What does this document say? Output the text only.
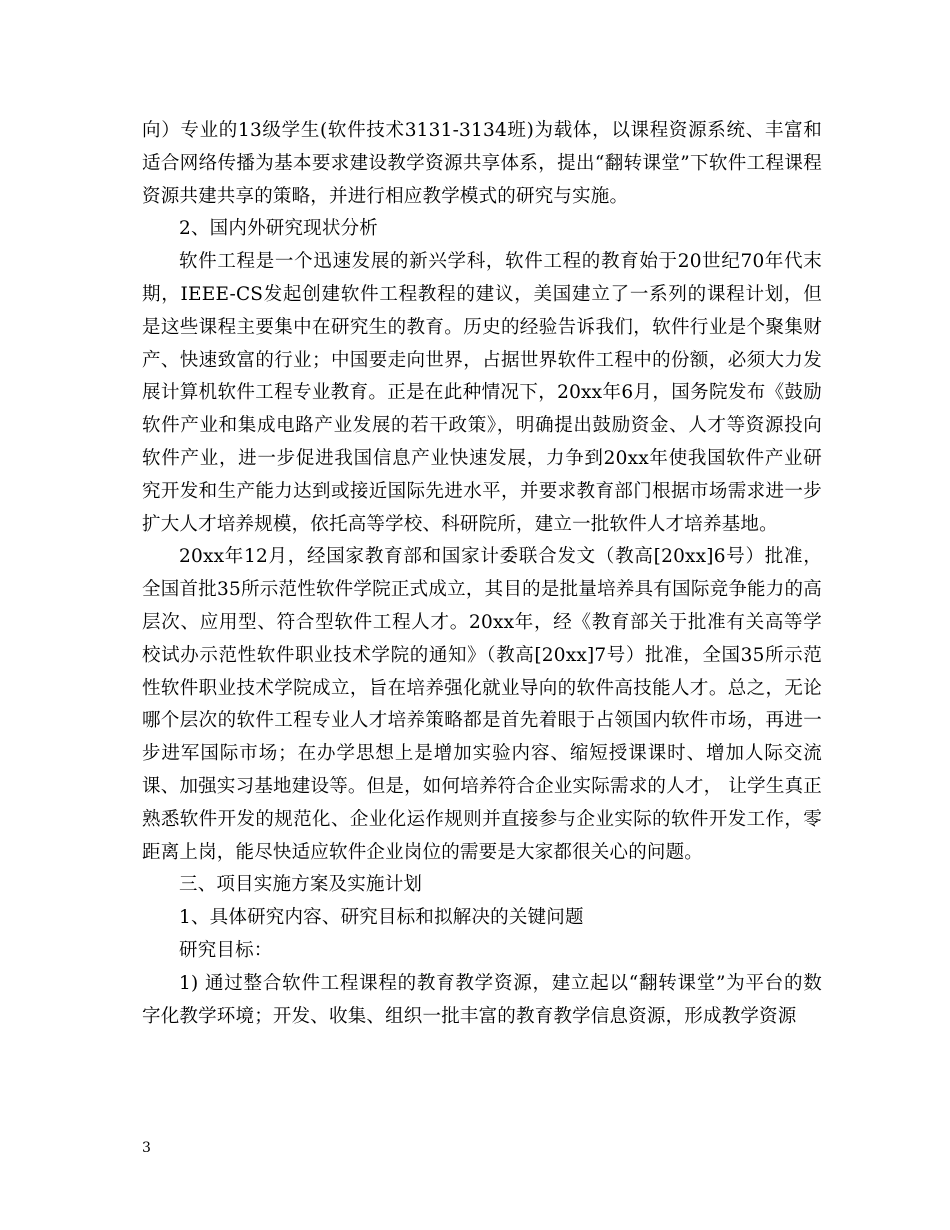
向）专业的13级学生(软件技术3131-3134班)为载体，以课程资源系统、丰富和适合网络传播为基本要求建设教学资源共享体系，提出“翻转课堂”下软件工程课程资源共建共享的策略，并进行相应教学模式的研究与实施。

2、国内外研究现状分析

软件工程是一个迅速发展的新兴学科，软件工程的教育始于20世纪70年代末期，IEEE-CS发起创建软件工程教程的建议，美国建立了一系列的课程计划，但是这些课程主要集中在研究生的教育。历史的经验告诉我们，软件行业是个聚集财产、快速致富的行业；中国要走向世界，占据世界软件工程中的份额，必须大力发展计算机软件工程专业教育。正是在此种情况下，20xx年6月，国务院发布《鼓励软件产业和集成电路产业发展的若干政策》，明确提出鼓励资金、人才等资源投向软件产业，进一步促进我国信息产业快速发展，力争到20xx年使我国软件产业研究开发和生产能力达到或接近国际先进水平，并要求教育部门根据市场需求进一步扩大人才培养规模，依托高等学校、科研院所，建立一批软件人才培养基地。

20xx年12月，经国家教育部和国家计委联合发文（教高[20xx]6号）批准，全国首批35所示范性软件学院正式成立，其目的是批量培养具有国际竞争能力的高层次、应用型、符合型软件工程人才。20xx年，经《教育部关于批准有关高等学校试办示范性软件职业技术学院的通知》（教高[20xx]7号）批准，全国35所示范性软件职业技术学院成立，旨在培养强化就业导向的软件高技能人才。总之，无论哪个层次的软件工程专业人才培养策略都是首先着眼于占领国内软件市场，再进一步进军国际市场；在办学思想上是增加实验内容、缩短授课课时、增加人际交流课、加强实习基地建设等。但是，如何培养符合企业实际需求的人才， 让学生真正熟悉软件开发的规范化、企业化运作规则并直接参与企业实际的软件开发工作，零距离上岗，能尽快适应软件企业岗位的需要是大家都很关心的问题。

三、项目实施方案及实施计划

1、具体研究内容、研究目标和拟解决的关键问题

研究目标：

1) 通过整合软件工程课程的教育教学资源，建立起以“翻转课堂”为平台的数字化教学环境；开发、收集、组织一批丰富的教育教学信息资源，形成教学资源

3
